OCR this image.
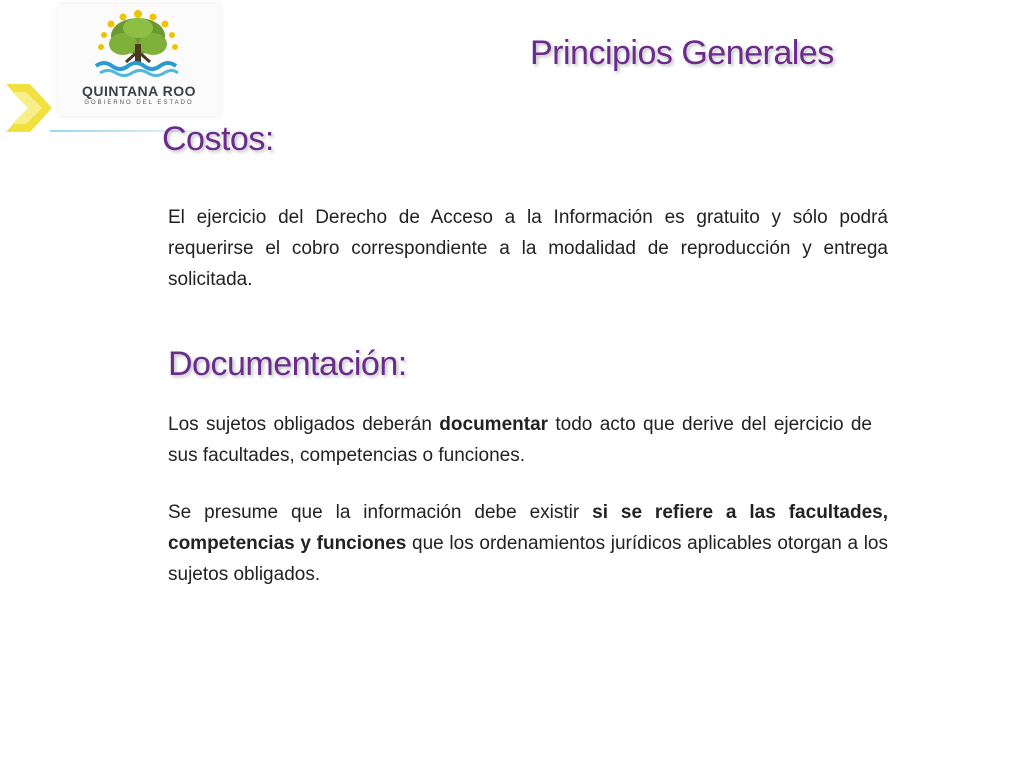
QUINTANA ROO
GOBIERNO DEL ESTADO
Principios Generales
Costos:
El ejercicio del Derecho de Acceso a la Información es gratuito y sólo podrá requerirse el cobro correspondiente a la modalidad de reproducción y entrega solicitada.
Documentación:
Los sujetos obligados deberán documentar todo acto que derive del ejercicio de sus facultades, competencias o funciones.
Se presume que la información debe existir si se refiere a las facultades, competencias y funciones que los ordenamientos jurídicos aplicables otorgan a los sujetos obligados.
